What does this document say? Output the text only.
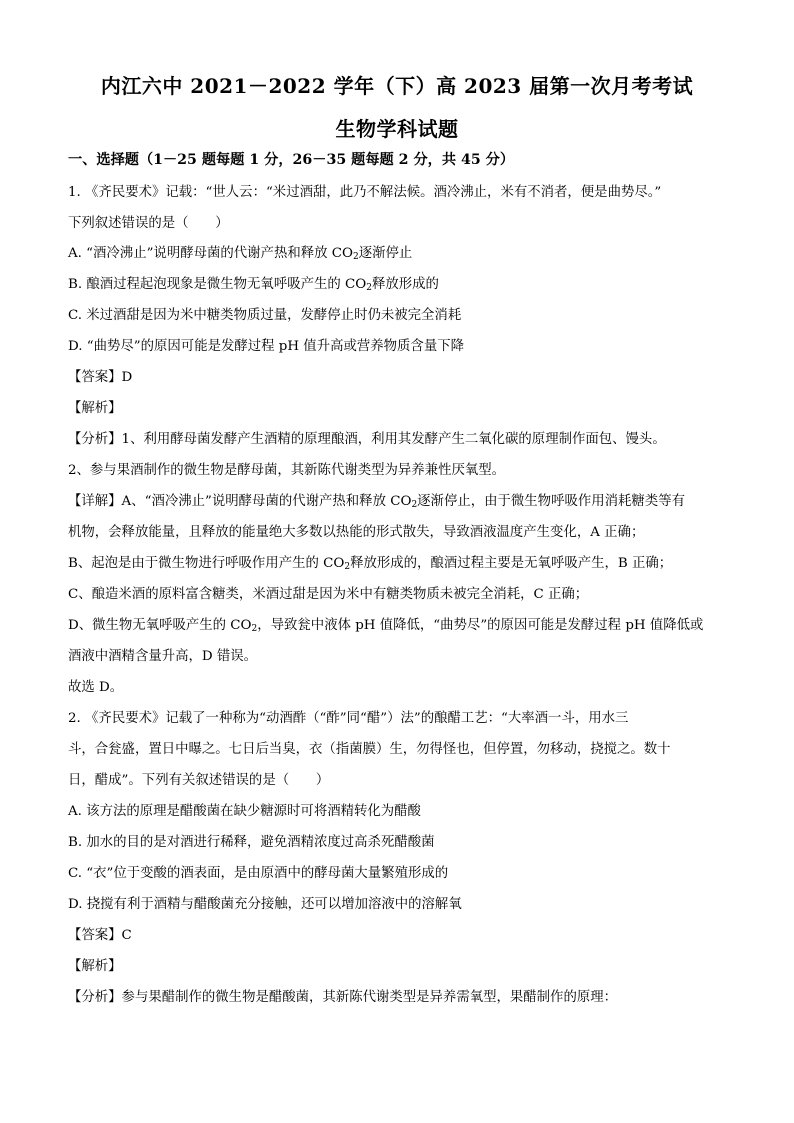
内江六中 2021－2022 学年（下）高 2023 届第一次月考考试
生物学科试题
一、选择题（1－25 题每题 1 分，26－35 题每题 2 分，共 45 分）
1. 《齐民要术》记载：“世人云：“米过酒甜，此乃不解法候。酒冷沸止，米有不消者，便是曲势尽。”
下列叙述错误的是（　　）
A. “酒冷沸止”说明酵母菌的代谢产热和释放 $CO_2$逐渐停止
B. 酿酒过程起泡现象是微生物无氧呼吸产生的 $CO_2$释放形成的
C. 米过酒甜是因为米中糖类物质过量，发酵停止时仍未被完全消耗
D. “曲势尽”的原因可能是发酵过程 pH 值升高或营养物质含量下降
【答案】D
【解析】
【分析】1、利用酵母菌发酵产生酒精的原理酿酒，利用其发酵产生二氧化碳的原理制作面包、馒头。
2、参与果酒制作的微生物是酵母菌，其新陈代谢类型为异养兼性厌氧型。
【详解】A、“酒冷沸止”说明酵母菌的代谢产热和释放 $CO_2$逐渐停止，由于微生物呼吸作用消耗糖类等有
机物，会释放能量，且释放的能量绝大多数以热能的形式散失，导致酒液温度产生变化，A 正确；
B、起泡是由于微生物进行呼吸作用产生的 $CO_2$释放形成的，酿酒过程主要是无氧呼吸产生，B 正确；
C、酿造米酒的原料富含糖类，米酒过甜是因为米中有糖类物质未被完全消耗，C 正确；
D、微生物无氧呼吸产生的 $CO_2$，导致瓮中液体 pH 值降低，“曲势尽”的原因可能是发酵过程 pH 值降低或
酒液中酒精含量升高，D 错误。
故选 D。
2. 《齐民要术》记载了一种称为“动酒酢（“酢”同“醋”）法”的酿醋工艺：“大率酒一斗，用水三
斗，合瓮盛，置日中曝之。七日后当臭，衣（指菌膜）生，勿得怪也，但停置，勿移动，挠搅之。数十
日，醋成”。下列有关叙述错误的是（　　）
A. 该方法的原理是醋酸菌在缺少糖源时可将酒精转化为醋酸
B. 加水的目的是对酒进行稀释，避免酒精浓度过高杀死醋酸菌
C. “衣”位于变酸的酒表面，是由原酒中的酵母菌大量繁殖形成的
D. 挠搅有利于酒精与醋酸菌充分接触，还可以增加溶液中的溶解氧
【答案】C
【解析】
【分析】参与果醋制作的微生物是醋酸菌，其新陈代谢类型是异养需氧型，果醋制作的原理：
